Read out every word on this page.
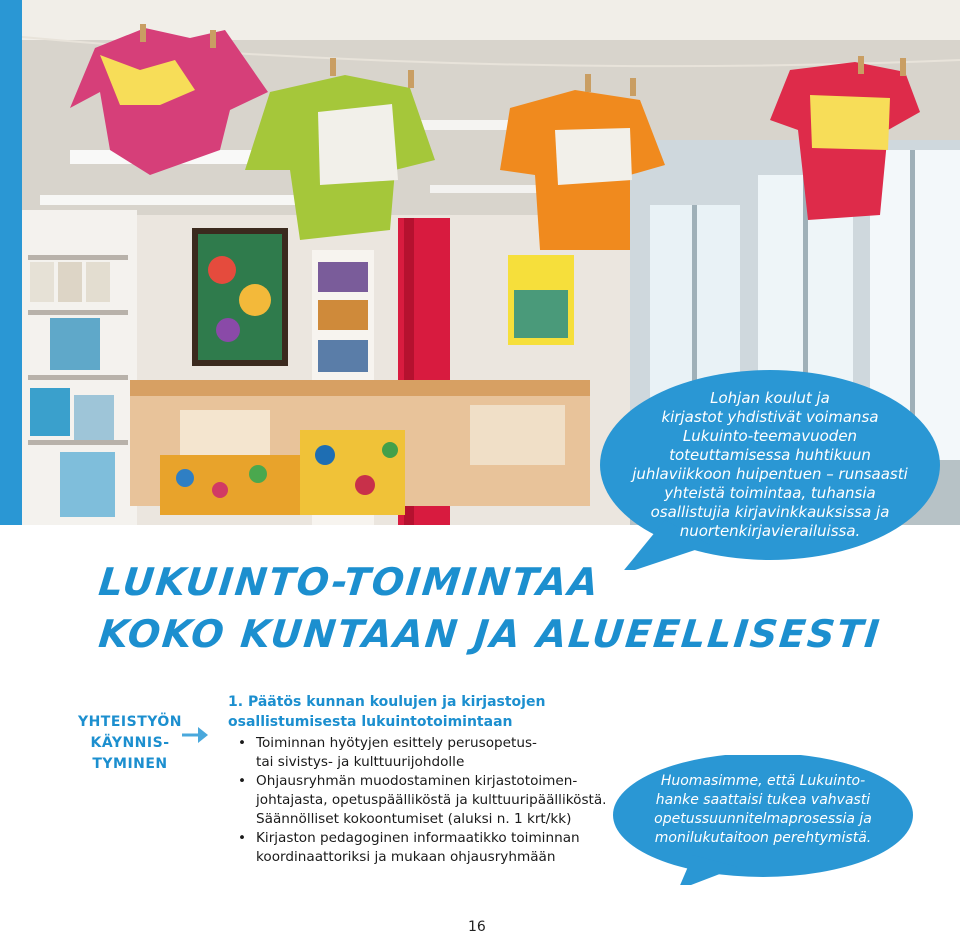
Lohjan koulut ja
kirjastot yhdistivät voimansa
Lukuinto-teemavuoden
toteuttamisessa huhtikuun
juhlaviikkoon huipentuen – runsaasti
yhteistä toimintaa, tuhansia
osallistujia kirjavinkkauksissa ja
nuortenkirjavierailuissa.
LUKUINTO-TOIMINTAA
KOKO KUNTAAN JA ALUEELLISESTI
YHTEISTYÖN
KÄYNNIS-
TYMINEN
1. Päätös kunnan koulujen ja kirjastojen
osallistumisesta lukuintotoimintaan
• Toiminnan hyötyjen esittely perusopetus-
tai sivistys- ja kulttuurijohdolle
• Ohjausryhmän muodostaminen kirjastotoimen-
johtajasta, opetuspäälliköstä ja kulttuuripäälliköstä.
Säännölliset kokoontumiset (aluksi n. 1 krt/kk)
• Kirjaston pedagoginen informaatikko toiminnan
koordinaattoriksi ja mukaan ohjausryhmään
Huomasimme, että Lukuinto-
hanke saattaisi tukea vahvasti
opetussuunnitelmaprosessia ja
monilukutaitoon perehtymistä.
16
